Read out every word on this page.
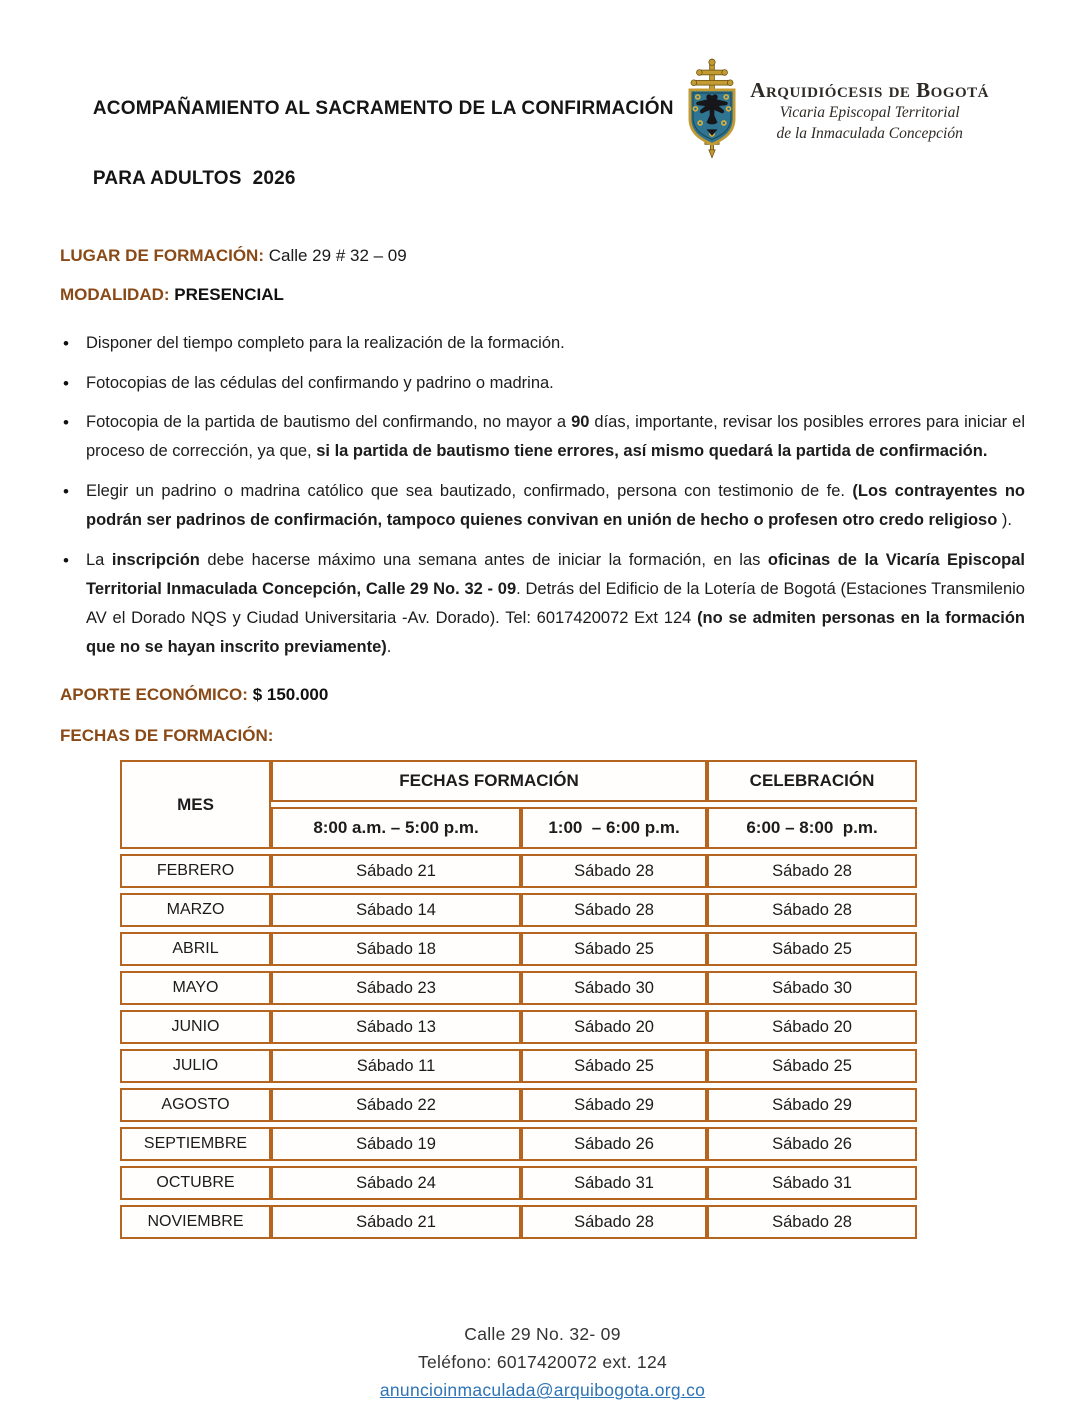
ACOMPAÑAMIENTO AL SACRAMENTO DE LA CONFIRMACIÓN

PARA ADULTOS  2026

Arquidiócesis de Bogotá
Vicaria Episcopal Territorial
de la Inmaculada Concepción

LUGAR DE FORMACIÓN: Calle 29 # 32 – 09

MODALIDAD: PRESENCIAL

• Disponer del tiempo completo para la realización de la formación.
• Fotocopias de las cédulas del confirmando y padrino o madrina.
• Fotocopia de la partida de bautismo del confirmando, no mayor a 90 días, importante, revisar los posibles errores para iniciar el proceso de corrección, ya que, si la partida de bautismo tiene errores, así mismo quedará la partida de confirmación.
• Elegir un padrino o madrina católico que sea bautizado, confirmado, persona con testimonio de fe. (Los contrayentes no podrán ser padrinos de confirmación, tampoco quienes convivan en unión de hecho o profesen otro credo religioso ).
• La inscripción debe hacerse máximo una semana antes de iniciar la formación, en las oficinas de la Vicaría Episcopal Territorial Inmaculada Concepción, Calle 29 No. 32 - 09. Detrás del Edificio de la Lotería de Bogotá (Estaciones Transmilenio AV el Dorado NQS y Ciudad Universitaria -Av. Dorado). Tel: 6017420072 Ext 124 (no se admiten personas en la formación que no se hayan inscrito previamente).

APORTE ECONÓMICO: $ 150.000

FECHAS DE FORMACIÓN:

MES	FECHAS FORMACIÓN		CELEBRACIÓN
	8:00 a.m. – 5:00 p.m.	1:00  – 6:00 p.m.	6:00 – 8:00  p.m.
FEBRERO	Sábado 21	Sábado 28	Sábado 28
MARZO	Sábado 14	Sábado 28	Sábado 28
ABRIL	Sábado 18	Sábado 25	Sábado 25
MAYO	Sábado 23	Sábado 30	Sábado 30
JUNIO	Sábado 13	Sábado 20	Sábado 20
JULIO	Sábado 11	Sábado 25	Sábado 25
AGOSTO	Sábado 22	Sábado 29	Sábado 29
SEPTIEMBRE	Sábado 19	Sábado 26	Sábado 26
OCTUBRE	Sábado 24	Sábado 31	Sábado 31
NOVIEMBRE	Sábado 21	Sábado 28	Sábado 28
Calle 29 No. 32- 09
Teléfono: 6017420072 ext. 124
anuncioinmaculada@arquibogota.org.co
